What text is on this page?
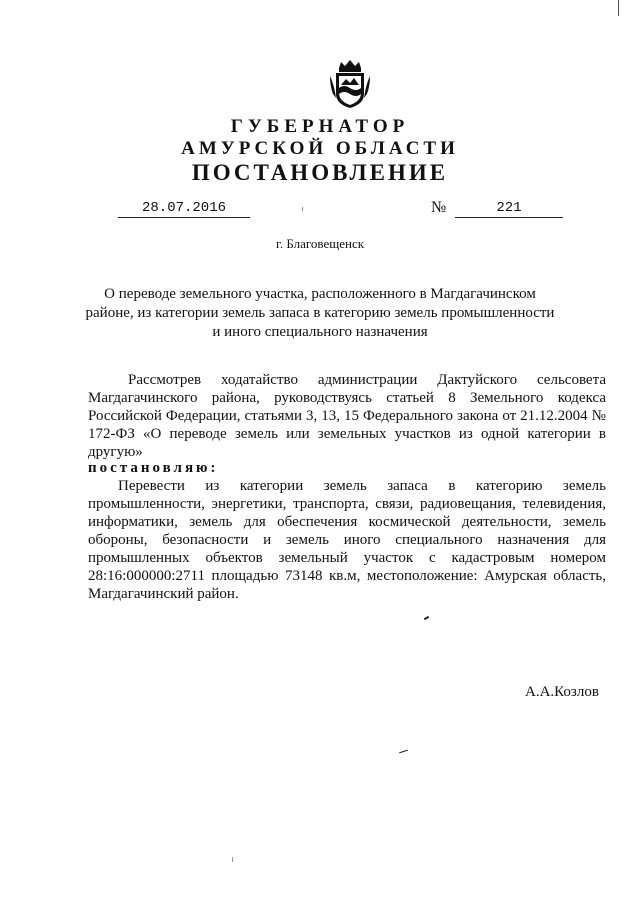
ГУБЕРНАТОР
АМУРСКОЙ ОБЛАСТИ
ПОСТАНОВЛЕНИЕ
28.07.2016	№	221
г. Благовещенск
О переводе земельного участка, расположенного в Магдагачинском районе, из категории земель запаса в категорию земель промышленности и иного специального назначения
Рассмотрев ходатайство администрации Дактуйского сельсовета Магдагачинского района, руководствуясь статьей 8 Земельного кодекса Российской Федерации, статьями 3, 13, 15 Федерального закона от 21.12.2004 № 172-ФЗ «О переводе земель или земельных участков из одной категории в другую»
постановляю:
Перевести из категории земель запаса в категорию земель промышленности, энергетики, транспорта, связи, радиовещания, телевидения, информатики, земель для обеспечения космической деятельности, земель обороны, безопасности и земель иного специального назначения для промышленных объектов земельный участок с кадастровым номером 28:16:000000:2711 площадью 73148 кв.м, местоположение: Амурская область, Магдагачинский район.
А.А.Козлов
